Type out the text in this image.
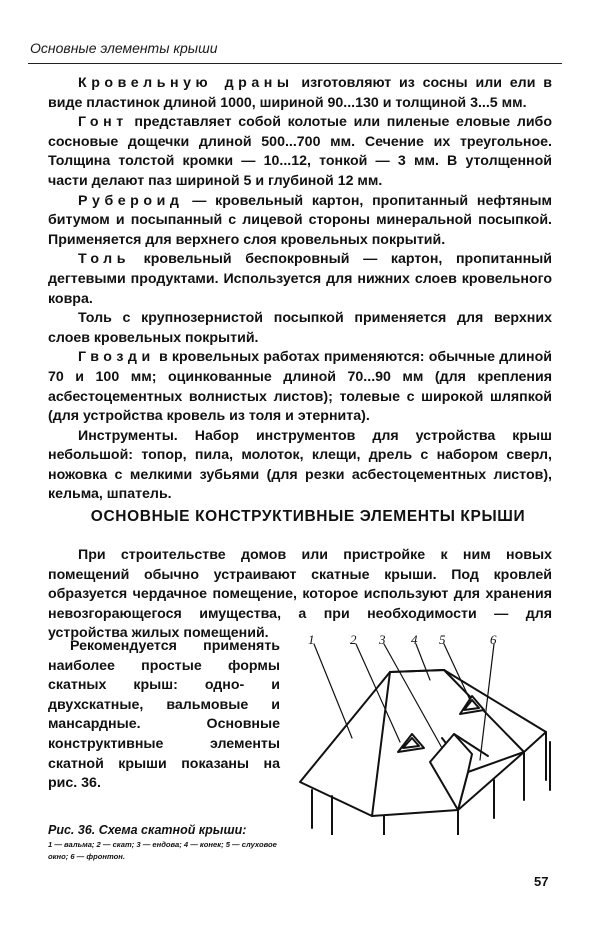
Основные элементы крыши

Кровельную драны изготовляют из сосны или ели в виде пластинок длиной 1000, шириной 90...130 и толщиной 3...5 мм.

Гонт представляет собой колотые или пиленые еловые либо сосновые дощечки длиной 500...700 мм. Сечение их треугольное. Толщина толстой кромки — 10...12, тонкой — 3 мм. В утолщенной части делают паз шириной 5 и глубиной 12 мм.

Рубероид — кровельный картон, пропитанный нефтяным битумом и посыпанный с лицевой стороны минеральной посыпкой. Применяется для верхнего слоя кровельных покрытий.

Толь кровельный беспокровный — картон, пропитанный дегтевыми продуктами. Используется для нижних слоев кровельного ковра.

Толь с крупнозернистой посыпкой применяется для верхних слоев кровельных покрытий.

Гвозди в кровельных работах применяются: обычные длиной 70 и 100 мм; оцинкованные длиной 70...90 мм (для крепления асбестоцементных волнистых листов); толевые с широкой шляпкой (для устройства кровель из толя и этернита).

Инструменты. Набор инструментов для устройства крыш небольшой: топор, пила, молоток, клещи, дрель с набором сверл, ножовка с мелкими зубьями (для резки асбестоцементных листов), кельма, шпатель.

ОСНОВНЫЕ КОНСТРУКТИВНЫЕ ЭЛЕМЕНТЫ КРЫШИ

При строительстве домов или пристройке к ним новых помещений обычно устраивают скатные крыши. Под кровлей образуется чердачное помещение, которое используют для хранения невозгорающегося имущества, а при необходимости — для устройства жилых помещений.

Рекомендуется применять наиболее простые формы скатных крыш: одно- и двухскатные, вальмовые и мансардные. Основные конструктивные элементы скатной крыши показаны на рис. 36.

Рис. 36. Схема скатной крыши:
1 — вальма; 2 — скат; 3 — ендова; 4 — конек; 5 — слуховое окно; 6 — фронтон.
1	2 3 4 5	6
57
